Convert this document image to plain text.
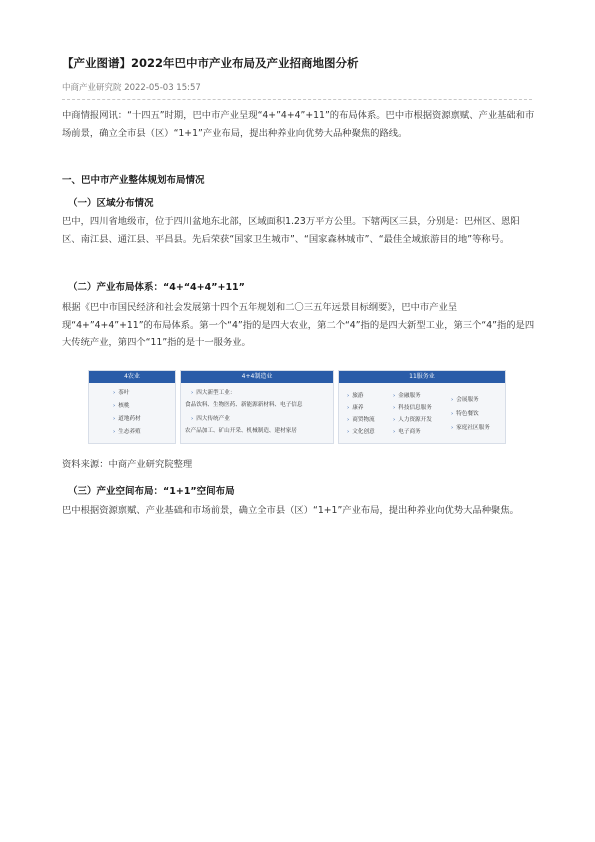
【产业图谱】2022年巴中市产业布局及产业招商地图分析
中商产业研究院 2022-05-03 15:57

中商情报网讯：“十四五”时期，巴中市产业呈现“4+”4+4”+11”的布局体系。巴中市根据资源禀赋、产业基础和市场前景，确立全市县（区）“1+1”产业布局，提出种养业向优势大品种聚焦的路线。

一、巴中市产业整体规划布局情况

（一）区域分布情况

巴中，四川省地级市，位于四川盆地东北部，区域面积1.23万平方公里。下辖两区三县，分别是：巴州区、恩阳区、南江县、通江县、平昌县。先后荣获“国家卫生城市”、“国家森林城市”、“最佳全域旅游目的地”等称号。

（二）产业布局体系：“4+“4+4”+11”

根据《巴中市国民经济和社会发展第十四个五年规划和二〇三五年远景目标纲要》，巴中市产业呈现“4+”4+4”+11”的布局体系。第一个“4”指的是四大农业，第二个“4”指的是四大新型工业，第三个“4”指的是四大传统产业，第四个“11”指的是十一服务业。

4农业
› 茶叶
› 核桃
› 道地药材
› 生态养殖
4+4制造业
› 四大新型工业：
食品饮料、生物医药、新能源新材料、电子信息
› 四大传统产业
农产品加工、矿山开采、机械制造、建材家居
11服务业
› 旅游
› 康养
› 商贸物流
› 文化创意
› 金融服务
› 科技信息服务
› 人力资源开发
› 电子商务
› 会展服务
› 特色餐饮
› 家庭社区服务

资料来源：中商产业研究院整理

（三）产业空间布局：“1+1”空间布局

巴中根据资源禀赋、产业基础和市场前景，确立全市县（区）“1+1”产业布局，提出种养业向优势大品种聚焦。
